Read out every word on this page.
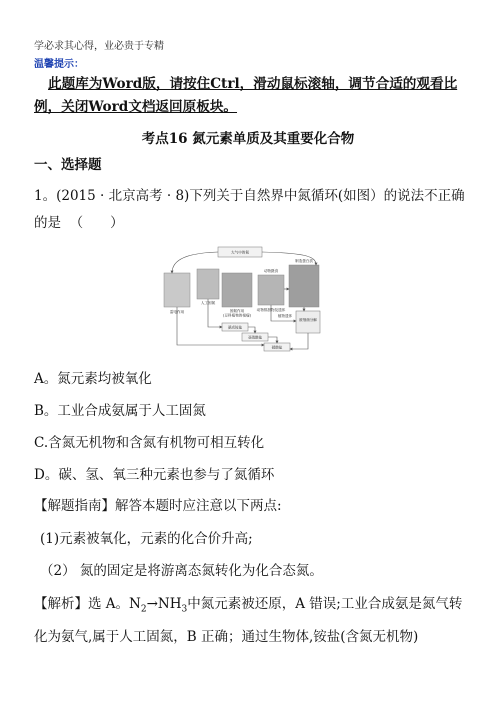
学必求其心得，业必贵于专精
温馨提示：
此题库为Word版，请按住Ctrl，滑动鼠标滚轴，调节合适的观看比例，关闭Word文档返回原板块。
考点16 氮元素单质及其重要化合物
一、选择题
1。(2015 · 北京高考 · 8)下列关于自然界中氮循环(如图）的说法不正确的是 （　　）
大气中的氮
雷电作用
人工固氮
固氮作用
(豆科植物的根瘤)
动物摄食
动物排泄物及遗体
植物遗体
被细菌分解
制造蛋白质
氨或铵盐
亚硝酸盐
硝酸盐
A。氮元素均被氧化
B。工业合成氨属于人工固氮
C.含氮无机物和含氮有机物可相互转化
D。碳、氢、氧三种元素也参与了氮循环
【解题指南】解答本题时应注意以下两点:
(1)元素被氧化，元素的化合价升高;
（2） 氮的固定是将游离态氮转化为化合态氮。
【解析】选 A。$N_2\to NH_3$中氮元素被还原，A 错误;工业合成氨是氮气转化为氨气,属于人工固氮，B 正确；通过生物体,铵盐(含氮无机物)
